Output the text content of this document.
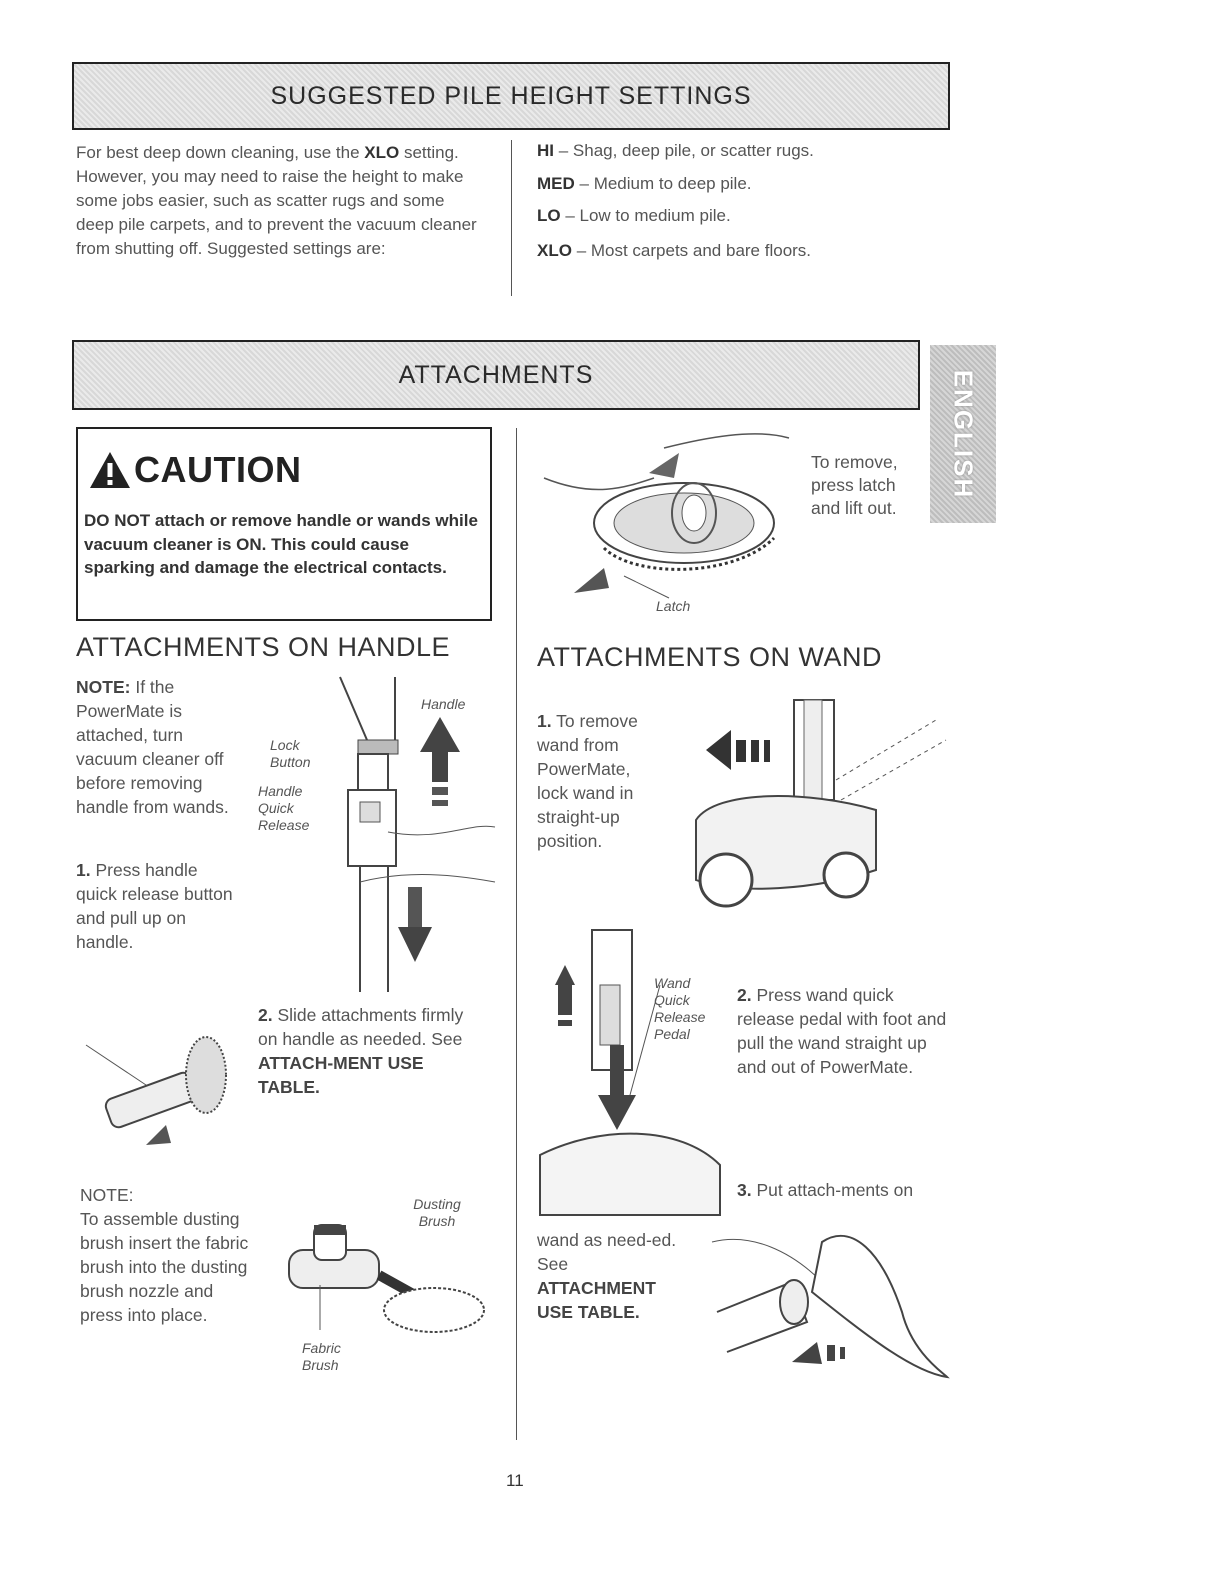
SUGGESTED PILE HEIGHT SETTINGS
For best deep down cleaning, use the XLO setting. However, you may need to raise the height to make some jobs easier, such as scatter rugs and some deep pile carpets, and to prevent the vacuum cleaner from shutting off. Suggested settings are:
HI – Shag, deep pile, or scatter rugs.
MED – Medium to deep pile.
LO – Low to medium pile.
XLO – Most carpets and bare floors.
ATTACHMENTS	ENGLISH
CAUTION
DO NOT attach or remove handle or wands while vacuum cleaner is ON. This could cause sparking and damage the electrical contacts.
To remove, press latch and lift out.
Latch
ATTACHMENTS ON HANDLE
NOTE: If the PowerMate is attached, turn vacuum cleaner off before removing handle from wands.
1. Press handle quick release button and pull up on handle.
Handle
Lock Button
Handle Quick Release
2. Slide attachments firmly on handle as needed. See ATTACH-MENT USE TABLE.
NOTE:
To assemble dusting brush insert the fabric brush into the dusting brush nozzle and press into place.
Dusting Brush
Fabric Brush
ATTACHMENTS ON WAND
1. To remove wand from PowerMate, lock wand in straight-up position.
Wand Quick Release Pedal
2. Press wand quick release pedal with foot and pull the wand straight up and out of PowerMate.
3. Put attach-ments on
wand as need-ed. See ATTACHMENT USE TABLE.
11
